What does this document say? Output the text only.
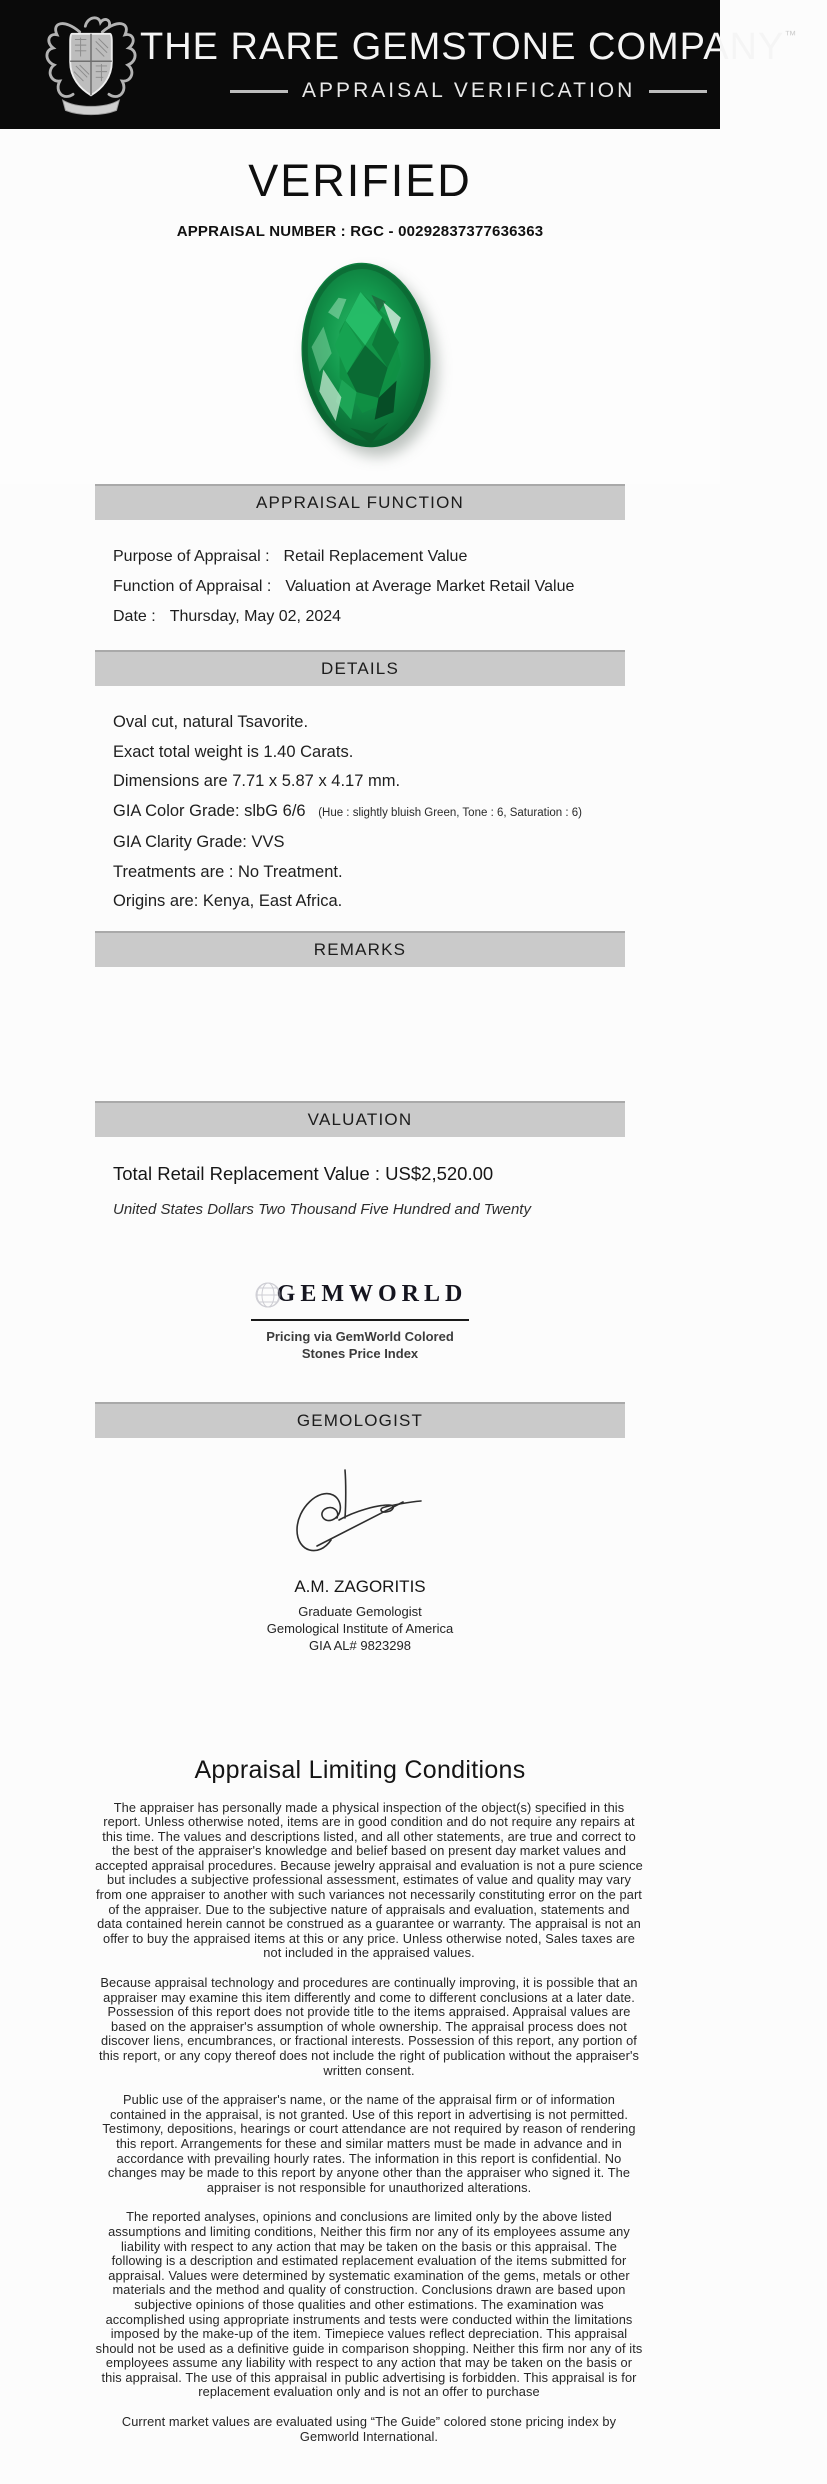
THE RARE GEMSTONE COMPANY™
APPRAISAL VERIFICATION
VERIFIED
APPRAISAL NUMBER : RGC - 00292837377636363
APPRAISAL FUNCTION
Purpose of Appraisal : Retail Replacement Value
Function of Appraisal : Valuation at Average Market Retail Value
Date : Thursday, May 02, 2024
DETAILS
Oval cut, natural Tsavorite.
Exact total weight is 1.40 Carats.
Dimensions are 7.71 x 5.87 x 4.17 mm.
GIA Color Grade: slbG 6/6 (Hue : slightly bluish Green, Tone : 6, Saturation : 6)
GIA Clarity Grade: VVS
Treatments are : No Treatment.
Origins are: Kenya, East Africa.
REMARKS
VALUATION
Total Retail Replacement Value : US$2,520.00
United States Dollars Two Thousand Five Hundred and Twenty
GEMWORLD
Pricing via GemWorld Colored
Stones Price Index
GEMOLOGIST
A.M. ZAGORITIS
Graduate Gemologist
Gemological Institute of America
GIA AL# 9823298
Appraisal Limiting Conditions

The appraiser has personally made a physical inspection of the object(s) specified in this report. Unless otherwise noted, items are in good condition and do not require any repairs at this time. The values and descriptions listed, and all other statements, are true and correct to the best of the appraiser's knowledge and belief based on present day market values and accepted appraisal procedures. Because jewelry appraisal and evaluation is not a pure science but includes a subjective professional assessment, estimates of value and quality may vary from one appraiser to another with such variances not necessarily constituting error on the part of the appraiser. Due to the subjective nature of appraisals and evaluation, statements and data contained herein cannot be construed as a guarantee or warranty. The appraisal is not an offer to buy the appraised items at this or any price. Unless otherwise noted, Sales taxes are not included in the appraised values.

Because appraisal technology and procedures are continually improving, it is possible that an appraiser may examine this item differently and come to different conclusions at a later date. Possession of this report does not provide title to the items appraised. Appraisal values are based on the appraiser's assumption of whole ownership. The appraisal process does not discover liens, encumbrances, or fractional interests. Possession of this report, any portion of this report, or any copy thereof does not include the right of publication without the appraiser's written consent.

Public use of the appraiser's name, or the name of the appraisal firm or of information contained in the appraisal, is not granted. Use of this report in advertising is not permitted. Testimony, depositions, hearings or court attendance are not required by reason of rendering this report. Arrangements for these and similar matters must be made in advance and in accordance with prevailing hourly rates. The information in this report is confidential. No changes may be made to this report by anyone other than the appraiser who signed it. The appraiser is not responsible for unauthorized alterations.

The reported analyses, opinions and conclusions are limited only by the above listed assumptions and limiting conditions, Neither this firm nor any of its employees assume any liability with respect to any action that may be taken on the basis or this appraisal. The following is a description and estimated replacement evaluation of the items submitted for appraisal. Values were determined by systematic examination of the gems, metals or other materials and the method and quality of construction. Conclusions drawn are based upon subjective opinions of those qualities and other estimations. The examination was accomplished using appropriate instruments and tests were conducted within the limitations imposed by the make-up of the item. Timepiece values reflect depreciation. This appraisal should not be used as a definitive guide in comparison shopping. Neither this firm nor any of its employees assume any liability with respect to any action that may be taken on the basis or this appraisal. The use of this appraisal in public advertising is forbidden. This appraisal is for replacement evaluation only and is not an offer to purchase

Current market values are evaluated using “The Guide” colored stone pricing index by Gemworld International.
